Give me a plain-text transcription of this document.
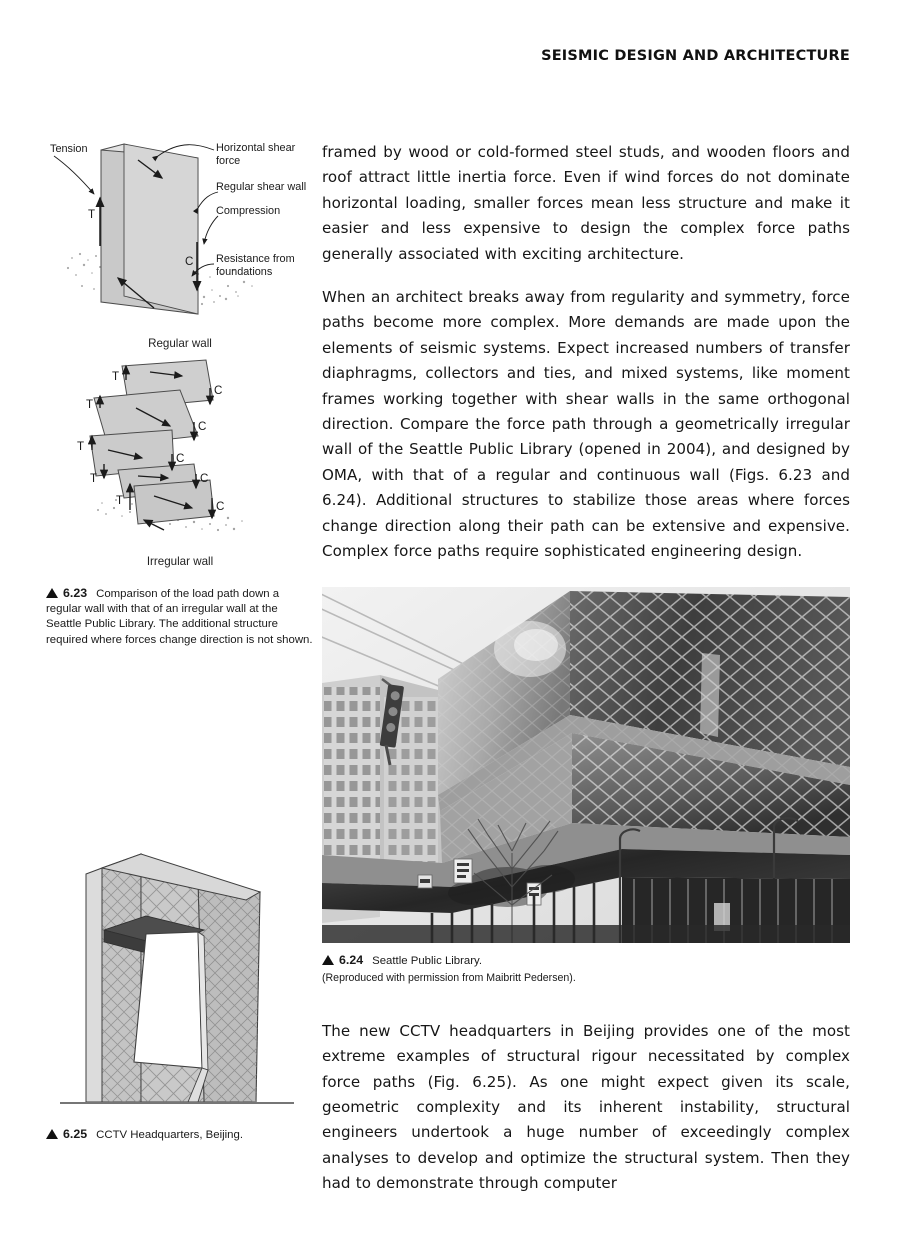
SEISMIC DESIGN AND ARCHITECTURE
Horizontal shear
force
Regular shear wall
Compression
Resistance from
foundations
Tension
T
C
Regular wall
T
T
T
T
T
C
C
C
C
C
Irregular wall
6.23 Comparison of the load path down a regular wall with that of an irregular wall at the Seattle Public Library. The additional structure required where forces change direction is not shown.
6.25 CCTV Headquarters, Beijing.

framed by wood or cold-formed steel studs, and wooden floors and roof attract little inertia force. Even if wind forces do not dominate horizontal loading, smaller forces mean less structure and make it easier and less expensive to design the complex force paths generally associated with exciting architecture.

When an architect breaks away from regularity and symmetry, force paths become more complex. More demands are made upon the elements of seismic systems. Expect increased numbers of transfer diaphragms, collectors and ties, and mixed systems, like moment frames working together with shear walls in the same orthogonal direction. Compare the force path through a geometrically irregular wall of the Seattle Public Library (opened in 2004), and designed by OMA, with that of a regular and continuous wall (Figs. 6.23 and 6.24). Additional structures to stabilize those areas where forces change direction along their path can be extensive and expensive. Complex force paths require sophisticated engineering design.

6.24 Seattle Public Library.
(Reproduced with permission from Maibritt Pedersen).

The new CCTV headquarters in Beijing provides one of the most extreme examples of structural rigour necessitated by complex force paths (Fig. 6.25). As one might expect given its scale, geometric complexity and its inherent instability, structural engineers undertook a huge number of exceedingly complex analyses to develop and optimize the structural system. Then they had to demonstrate through computer
